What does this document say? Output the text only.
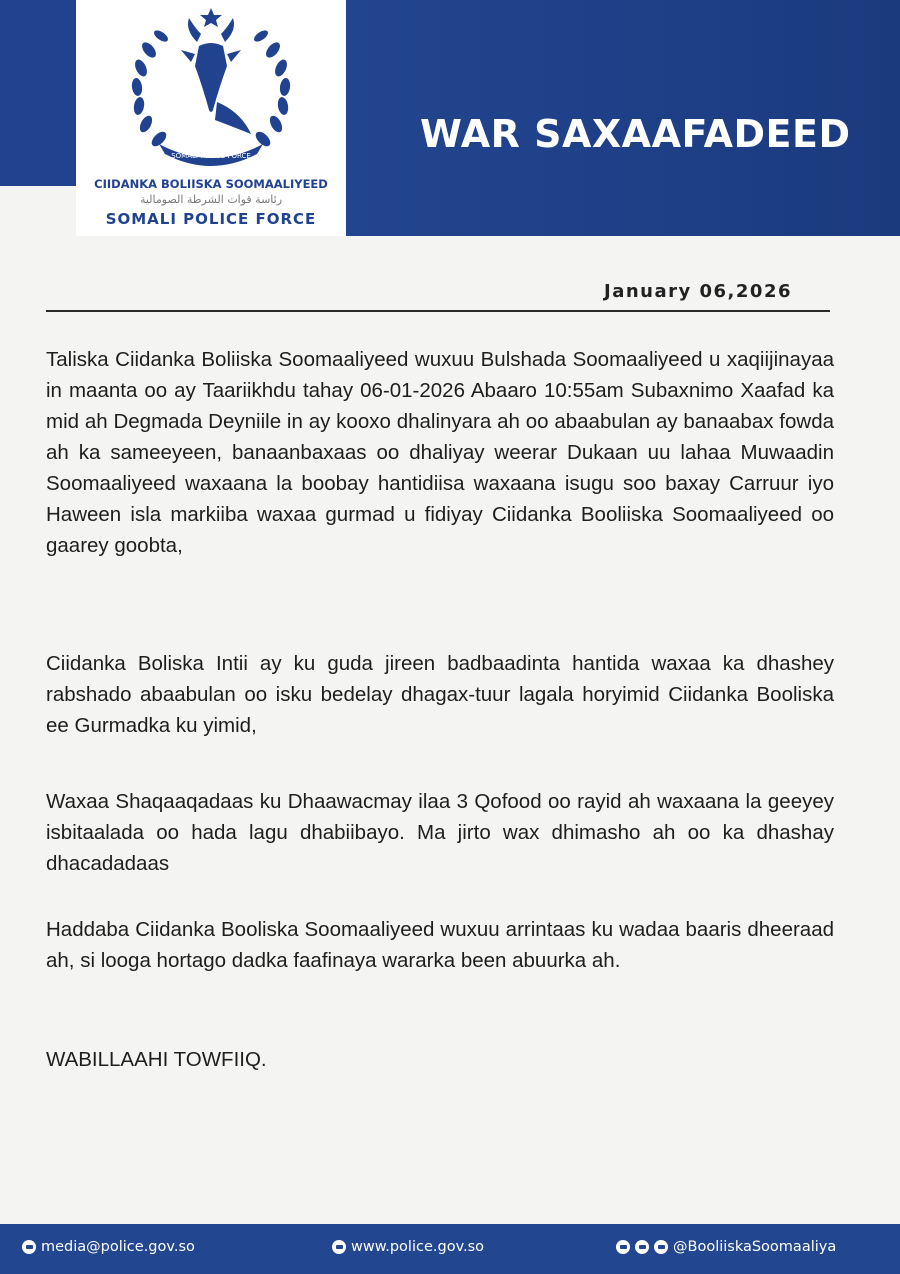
SOMALI POLICE FORCE
CIIDANKA BOLIISKA SOOMAALIYEED
رئاسة قوات الشرطة الصومالية
SOMALI POLICE FORCE
WAR SAXAAFADEED
January 06,2026
Taliska Ciidanka Boliiska Soomaaliyeed wuxuu Bulshada Soomaaliyeed u xaqiijinayaa in maanta oo ay Taariikhdu tahay 06-01-2026 Abaaro 10:55am Subaxnimo Xaafad ka mid ah Degmada Deyniile in ay kooxo dhalinyara ah oo abaabulan ay banaabax fowda ah ka sameeyeen, banaanbaxaas oo dhaliyay weerar Dukaan uu lahaa Muwaadin Soomaaliyeed waxaana la boobay hantidiisa waxaana isugu soo baxay Carruur iyo Haween isla markiiba waxaa gurmad u fidiyay Ciidanka Booliiska Soomaaliyeed oo gaarey goobta,
Ciidanka Boliska Intii ay ku guda jireen badbaadinta hantida waxaa ka dhashey rabshado abaabulan oo isku bedelay dhagax-tuur lagala horyimid Ciidanka Booliska ee Gurmadka ku yimid,
Waxaa Shaqaaqadaas ku Dhaawacmay ilaa 3 Qofood oo rayid ah waxaana la geeyey isbitaalada oo hada lagu dhabiibayo. Ma jirto wax dhimasho ah oo ka dhashay dhacadadaas
Haddaba Ciidanka Booliska Soomaaliyeed wuxuu arrintaas ku wadaa baaris dheeraad ah, si looga hortago dadka faafinaya wararka been abuurka ah.
WABILLAAHI TOWFIIQ.
media@police.gov.so	www.police.gov.so	@BooliiskaSoomaaliya
